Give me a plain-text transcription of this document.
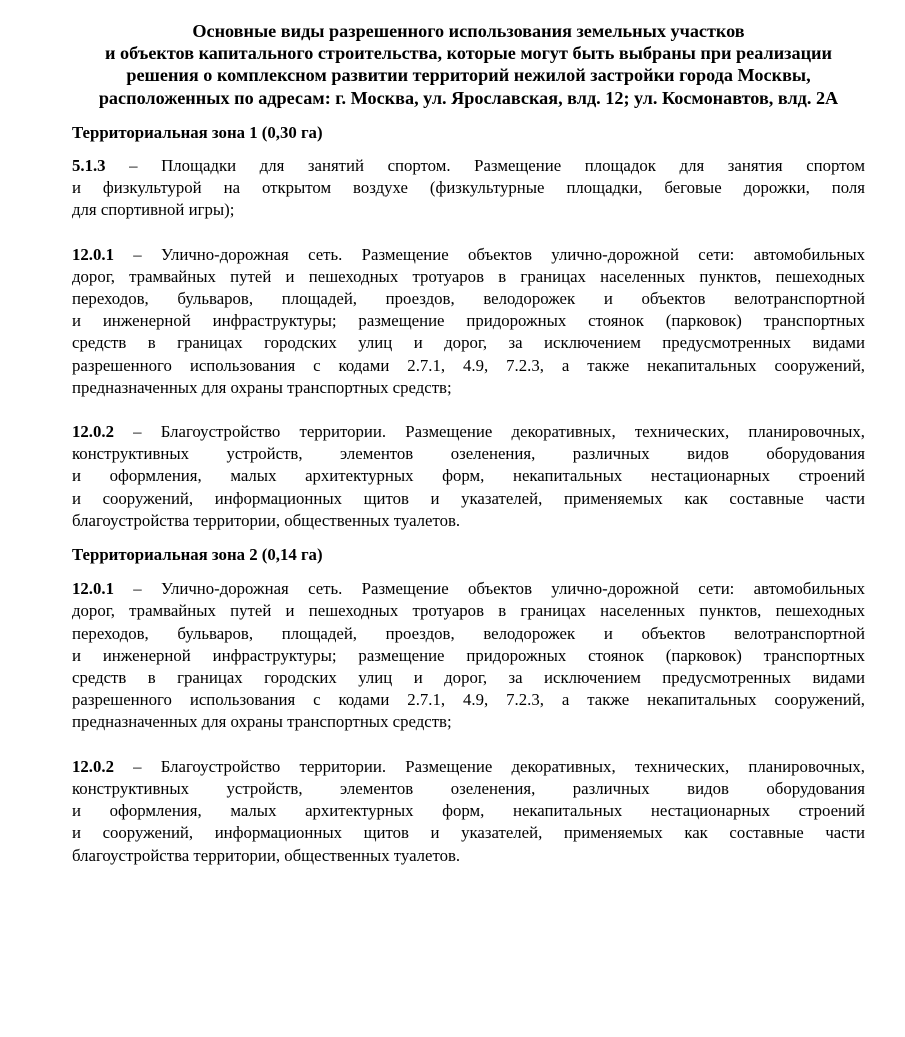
Основные виды разрешенного использования земельных участков
и объектов капитального строительства, которые могут быть выбраны при реализации
решения о комплексном развитии территорий нежилой застройки города Москвы,
расположенных по адресам: г. Москва, ул. Ярославская, влд. 12; ул. Космонавтов, влд. 2А
Территориальная зона 1 (0,30 га)

5.1.3 – Площадки для занятий спортом. Размещение площадок для занятия спортом
и физкультурой на открытом воздухе (физкультурные площадки, беговые дорожки, поля
для спортивной игры);

12.0.1 – Улично-дорожная сеть. Размещение объектов улично-дорожной сети: автомобильных
дорог, трамвайных путей и пешеходных тротуаров в границах населенных пунктов, пешеходных
переходов, бульваров, площадей, проездов, велодорожек и объектов велотранспортной
и инженерной инфраструктуры; размещение придорожных стоянок (парковок) транспортных
средств в границах городских улиц и дорог, за исключением предусмотренных видами
разрешенного использования с кодами 2.7.1, 4.9, 7.2.3, а также некапитальных сооружений,
предназначенных для охраны транспортных средств;

12.0.2 – Благоустройство территории. Размещение декоративных, технических, планировочных,
конструктивных устройств, элементов озеленения, различных видов оборудования
и оформления, малых архитектурных форм, некапитальных нестационарных строений
и сооружений, информационных щитов и указателей, применяемых как составные части
благоустройства территории, общественных туалетов.

Территориальная зона 2 (0,14 га)

12.0.1 – Улично-дорожная сеть. Размещение объектов улично-дорожной сети: автомобильных
дорог, трамвайных путей и пешеходных тротуаров в границах населенных пунктов, пешеходных
переходов, бульваров, площадей, проездов, велодорожек и объектов велотранспортной
и инженерной инфраструктуры; размещение придорожных стоянок (парковок) транспортных
средств в границах городских улиц и дорог, за исключением предусмотренных видами
разрешенного использования с кодами 2.7.1, 4.9, 7.2.3, а также некапитальных сооружений,
предназначенных для охраны транспортных средств;

12.0.2 – Благоустройство территории. Размещение декоративных, технических, планировочных,
конструктивных устройств, элементов озеленения, различных видов оборудования
и оформления, малых архитектурных форм, некапитальных нестационарных строений
и сооружений, информационных щитов и указателей, применяемых как составные части
благоустройства территории, общественных туалетов.
